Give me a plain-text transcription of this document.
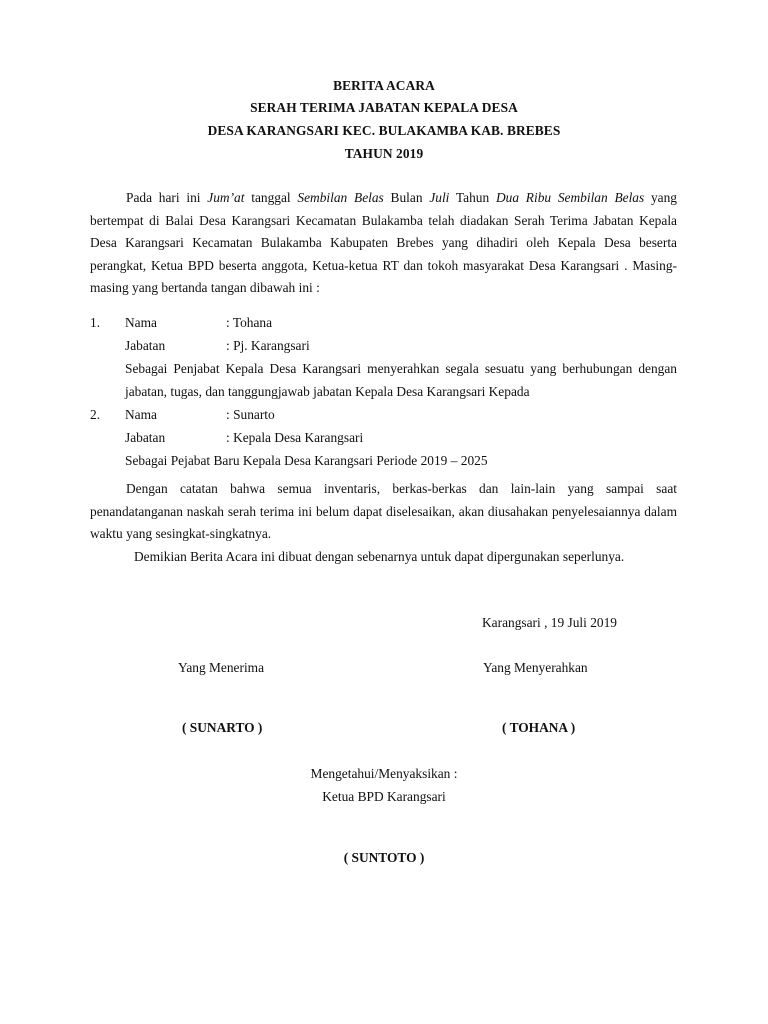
BERITA ACARA
SERAH TERIMA JABATAN KEPALA DESA
DESA KARANGSARI KEC. BULAKAMBA KAB. BREBES
TAHUN 2019
Pada hari ini Jum’at tanggal Sembilan Belas Bulan Juli Tahun Dua Ribu Sembilan Belas yang bertempat di Balai Desa Karangsari Kecamatan Bulakamba telah diadakan Serah Terima Jabatan Kepala Desa Karangsari Kecamatan Bulakamba Kabupaten Brebes yang dihadiri oleh Kepala Desa beserta perangkat, Ketua BPD beserta anggota, Ketua-ketua RT dan tokoh masyarakat Desa Karangsari . Masing-masing yang bertanda tangan dibawah ini :
1. Nama	: Tohana
Jabatan	: Pj. Karangsari
Sebagai Penjabat Kepala Desa Karangsari menyerahkan segala sesuatu yang berhubungan dengan jabatan, tugas, dan tanggungjawab jabatan Kepala Desa Karangsari Kepada
2. Nama	: Sunarto
Jabatan	: Kepala Desa Karangsari
Sebagai Pejabat Baru Kepala Desa Karangsari Periode 2019 – 2025
Dengan catatan bahwa semua inventaris, berkas-berkas dan lain-lain yang sampai saat penandatanganan naskah serah terima ini belum dapat diselesaikan, akan diusahakan penyelesaiannya dalam waktu yang sesingkat-singkatnya.
Demikian Berita Acara ini dibuat dengan sebenarnya untuk dapat dipergunakan seperlunya.
Karangsari , 19 Juli 2019
Yang Menerima	Yang Menyerahkan
( SUNARTO )	( TOHANA )
Mengetahui/Menyaksikan :
Ketua BPD Karangsari
( SUNTOTO )
